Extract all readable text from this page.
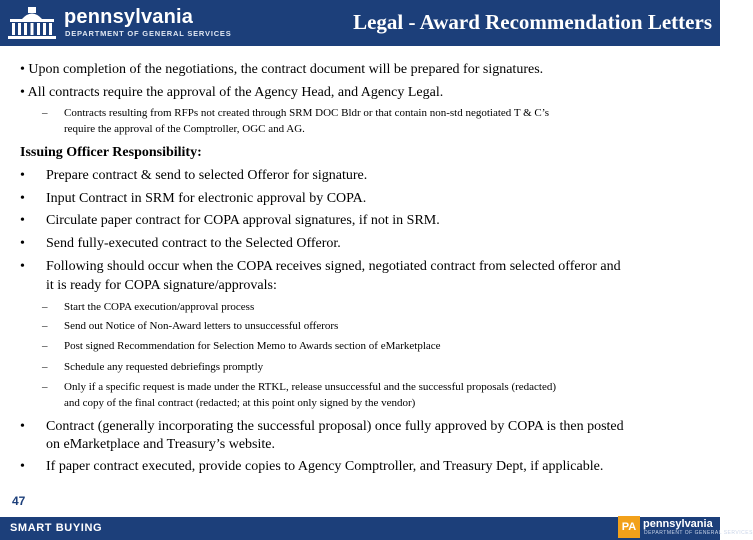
pennsylvania
DEPARTMENT OF GENERAL SERVICES	Legal - Award Recommendation Letters
• Upon completion of the negotiations, the contract document will be prepared for signatures.
• All contracts require the approval of the Agency Head, and Agency Legal.
– Contracts resulting from RFPs not created through SRM DOC Bldr or that contain non-std negotiated T & C’s
require the approval of the Comptroller, OGC and AG.
Issuing Officer Responsibility:
• Prepare contract & send to selected Offeror for signature.
• Input Contract in SRM for electronic approval by COPA.
• Circulate paper contract for COPA approval signatures, if not in SRM.
• Send fully-executed contract to the Selected Offeror.
• Following should occur when the COPA receives signed, negotiated contract from selected offeror and
it is ready for COPA signature/approvals:
– Start the COPA execution/approval process
– Send out Notice of Non-Award letters to unsuccessful offerors
– Post signed Recommendation for Selection Memo to Awards section of eMarketplace
– Schedule any requested debriefings promptly
– Only if a specific request is made under the RTKL, release unsuccessful and the successful proposals (redacted)
and copy of the final contract (redacted; at this point only signed by the vendor)
• Contract (generally incorporating the successful proposal) once fully approved by COPA is then posted
on eMarketplace and Treasury’s website.
• If paper contract executed, provide copies to Agency Comptroller, and Treasury Dept, if applicable.
47
SMART BUYING	PA pennsylvania
DEPARTMENT OF GENERAL SERVICES
